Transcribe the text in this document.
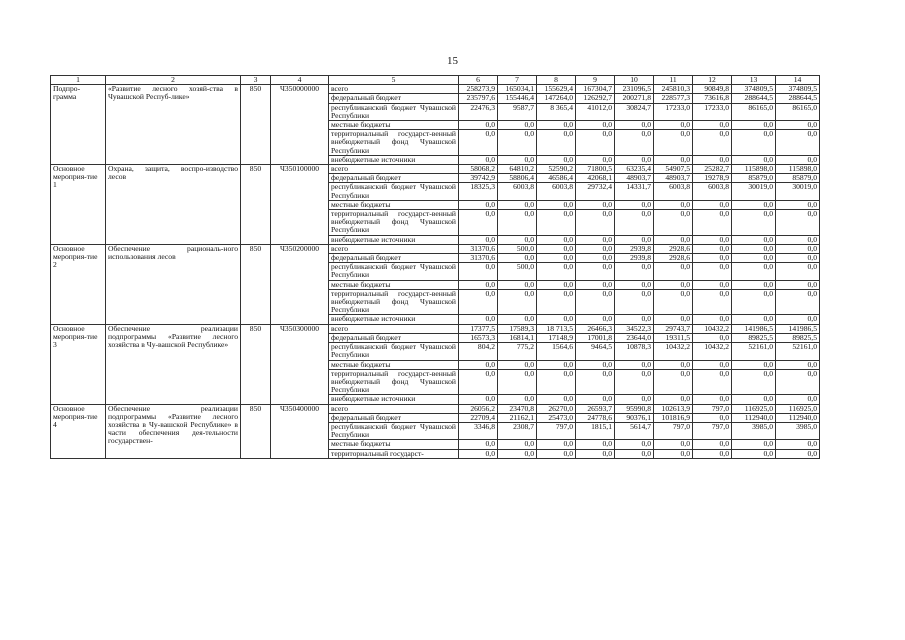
15
1	2	3	4	5	6	7	8	9	10	11	12	13	14
Подпро-грамма	«Развитие лесного хозяй-ства в Чувашской Респуб-лике»	850	Ч350000000	всего	258273,9	165034,1	155629,4	167304,7	231096,5	245810,3	90849,8	374809,5	374809,5
				федеральный бюджет	235797,6	155446,4	147264,0	126292,7	200271,8	228577,3	73616,8	288644,5	288644,5
				республиканский бюджет Чувашской Республики	22476,3	9587,7	8 365,4	41012,0	30824,7	17233,0	17233,0	86165,0	86165,0
				местные бюджеты	0,0	0,0	0,0	0,0	0,0	0,0	0,0	0,0	0,0
				территориальный государст-венный внебюджетный фонд Чувашской Республики	0,0	0,0	0,0	0,0	0,0	0,0	0,0	0,0	0,0
				внебюджетные источники	0,0	0,0	0,0	0,0	0,0	0,0	0,0	0,0	0,0
Основное мероприя-тие 1	Охрана, защита, воспро-изводство лесов	850	Ч350100000	всего	58068,2	64810,2	52590,2	71800,5	63235,4	54907,5	25282,7	115898,0	115898,0
				федеральный бюджет	39742,9	58806,4	46586,4	42068,1	48903,7	48903,7	19278,9	85879,0	85879,0
				республиканский бюджет Чувашской Республики	18325,3	6003,8	6003,8	29732,4	14331,7	6003,8	6003,8	30019,0	30019,0
				местные бюджеты	0,0	0,0	0,0	0,0	0,0	0,0	0,0	0,0	0,0
				территориальный государст-венный внебюджетный фонд Чувашской Республики	0,0	0,0	0,0	0,0	0,0	0,0	0,0	0,0	0,0
				внебюджетные источники	0,0	0,0	0,0	0,0	0,0	0,0	0,0	0,0	0,0
Основное мероприя-тие 2	Обеспечение рациональ-ного использования лесов	850	Ч350200000	всего	31370,6	500,0	0,0	0,0	2939,8	2928,6	0,0	0,0	0,0
				федеральный бюджет	31370,6	0,0	0,0	0,0	2939,8	2928,6	0,0	0,0	0,0
				республиканский бюджет Чувашской Республики	0,0	500,0	0,0	0,0	0,0	0,0	0,0	0,0	0,0
				местные бюджеты	0,0	0,0	0,0	0,0	0,0	0,0	0,0	0,0	0,0
				территориальный государст-венный внебюджетный фонд Чувашской Республики	0,0	0,0	0,0	0,0	0,0	0,0	0,0	0,0	0,0
				внебюджетные источники	0,0	0,0	0,0	0,0	0,0	0,0	0,0	0,0	0,0
Основное мероприя-тие 3	Обеспечение реализации подпрограммы «Развитие лесного хозяйства в Чу-вашской Республике»	850	Ч350300000	всего	17377,5	17589,3	18 713,5	26466,3	34522,3	29743,7	10432,2	141986,5	141986,5
				федеральный бюджет	16573,3	16814,1	17148,9	17001,8	23644,0	19311,5	0,0	89825,5	89825,5
				республиканский бюджет Чувашской Республики	804,2	775,2	1564,6	9464,5	10878,3	10432,2	10432,2	52161,0	52161,0
				местные бюджеты	0,0	0,0	0,0	0,0	0,0	0,0	0,0	0,0	0,0
				территориальный государст-венный внебюджетный фонд Чувашской Республики	0,0	0,0	0,0	0,0	0,0	0,0	0,0	0,0	0,0
				внебюджетные источники	0,0	0,0	0,0	0,0	0,0	0,0	0,0	0,0	0,0
Основное мероприя-тие 4	Обеспечение реализации подпрограммы «Развитие лесного хозяйства в Чу-вашской Республике» в части обеспечения дея-тельности государствен-	850	Ч350400000	всего	26056,2	23470,8	26270,0	26593,7	95990,8	102613,9	797,0	116925,0	116925,0
				федеральный бюджет	22709,4	21162,1	25473,0	24778,6	90376,1	101816,9	0,0	112940,0	112940,0
				республиканский бюджет Чувашской Республики	3346,8	2308,7	797,0	1815,1	5614,7	797,0	797,0	3985,0	3985,0
				местные бюджеты	0,0	0,0	0,0	0,0	0,0	0,0	0,0	0,0	0,0
				территориальный государст-	0,0	0,0	0,0	0,0	0,0	0,0	0,0	0,0	0,0
